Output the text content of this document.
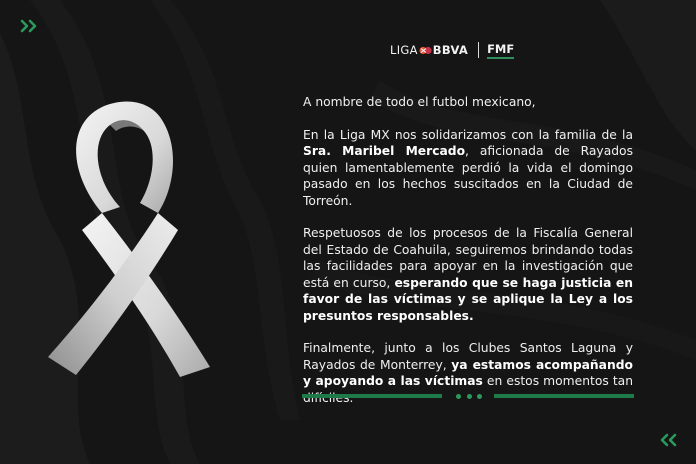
LIGA BBVA FMF

A nombre de todo el futbol mexicano,

En la Liga MX nos solidarizamos con la familia de la Sra. Maribel Mercado, aficionada de Rayados quien lamentablemente perdió la vida el domingo pasado en los hechos suscitados en la Ciudad de Torreón.

Respetuosos de los procesos de la Fiscalía General del Estado de Coahuila, seguiremos brindando todas las facilidades para apoyar en la investigación que está en curso, esperando que se haga justicia en favor de las víctimas y se aplique la Ley a los presuntos responsables.

Finalmente, junto a los Clubes Santos Laguna y Rayados de Monterrey, ya estamos acompañando y apoyando a las víctimas en estos momentos tan
